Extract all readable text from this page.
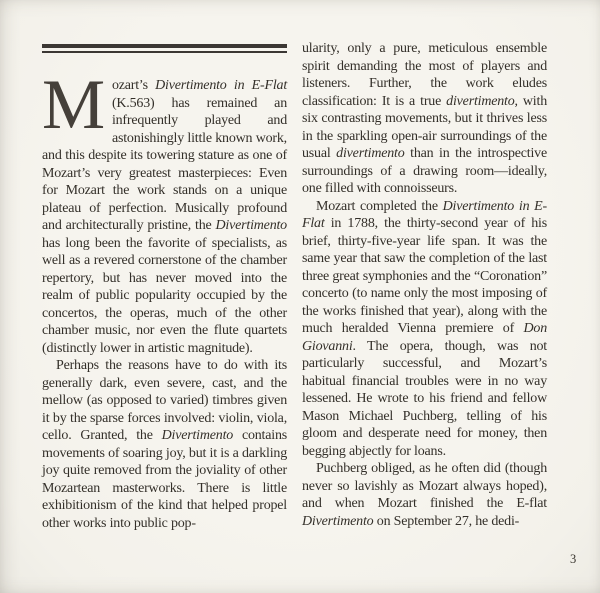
Mozart’s Divertimento in E-Flat (K.563) has remained an infrequently played and astonishingly little known work, and this despite its towering stature as one of Mozart’s very greatest masterpieces: Even for Mozart the work stands on a unique plateau of perfection. Musically profound and architecturally pristine, the Divertimento has long been the favorite of specialists, as well as a revered cornerstone of the chamber repertory, but has never moved into the realm of public popularity occupied by the concertos, the operas, much of the other chamber music, nor even the flute quartets (distinctly lower in artistic magnitude).

Perhaps the reasons have to do with its generally dark, even severe, cast, and the mellow (as opposed to varied) timbres given it by the sparse forces involved: violin, viola, cello. Granted, the Divertimento contains movements of soaring joy, but it is a darkling joy quite removed from the joviality of other Mozartean masterworks. There is little exhibitionism of the kind that helped propel other works into public pop-

ularity, only a pure, meticulous ensemble spirit demanding the most of players and listeners. Further, the work eludes classification: It is a true divertimento, with six contrasting movements, but it thrives less in the sparkling open-air surroundings of the usual divertimento than in the introspective surroundings of a drawing room—ideally, one filled with connoisseurs.

Mozart completed the Divertimento in E-Flat in 1788, the thirty-second year of his brief, thirty-five-year life span. It was the same year that saw the completion of the last three great symphonies and the “Coronation” concerto (to name only the most imposing of the works finished that year), along with the much heralded Vienna premiere of Don Giovanni. The opera, though, was not particularly successful, and Mozart’s habitual financial troubles were in no way lessened. He wrote to his friend and fellow Mason Michael Puchberg, telling of his gloom and desperate need for money, then begging abjectly for loans.

Puchberg obliged, as he often did (though never so lavishly as Mozart always hoped), and when Mozart finished the E-flat Divertimento on September 27, he dedi-

3
